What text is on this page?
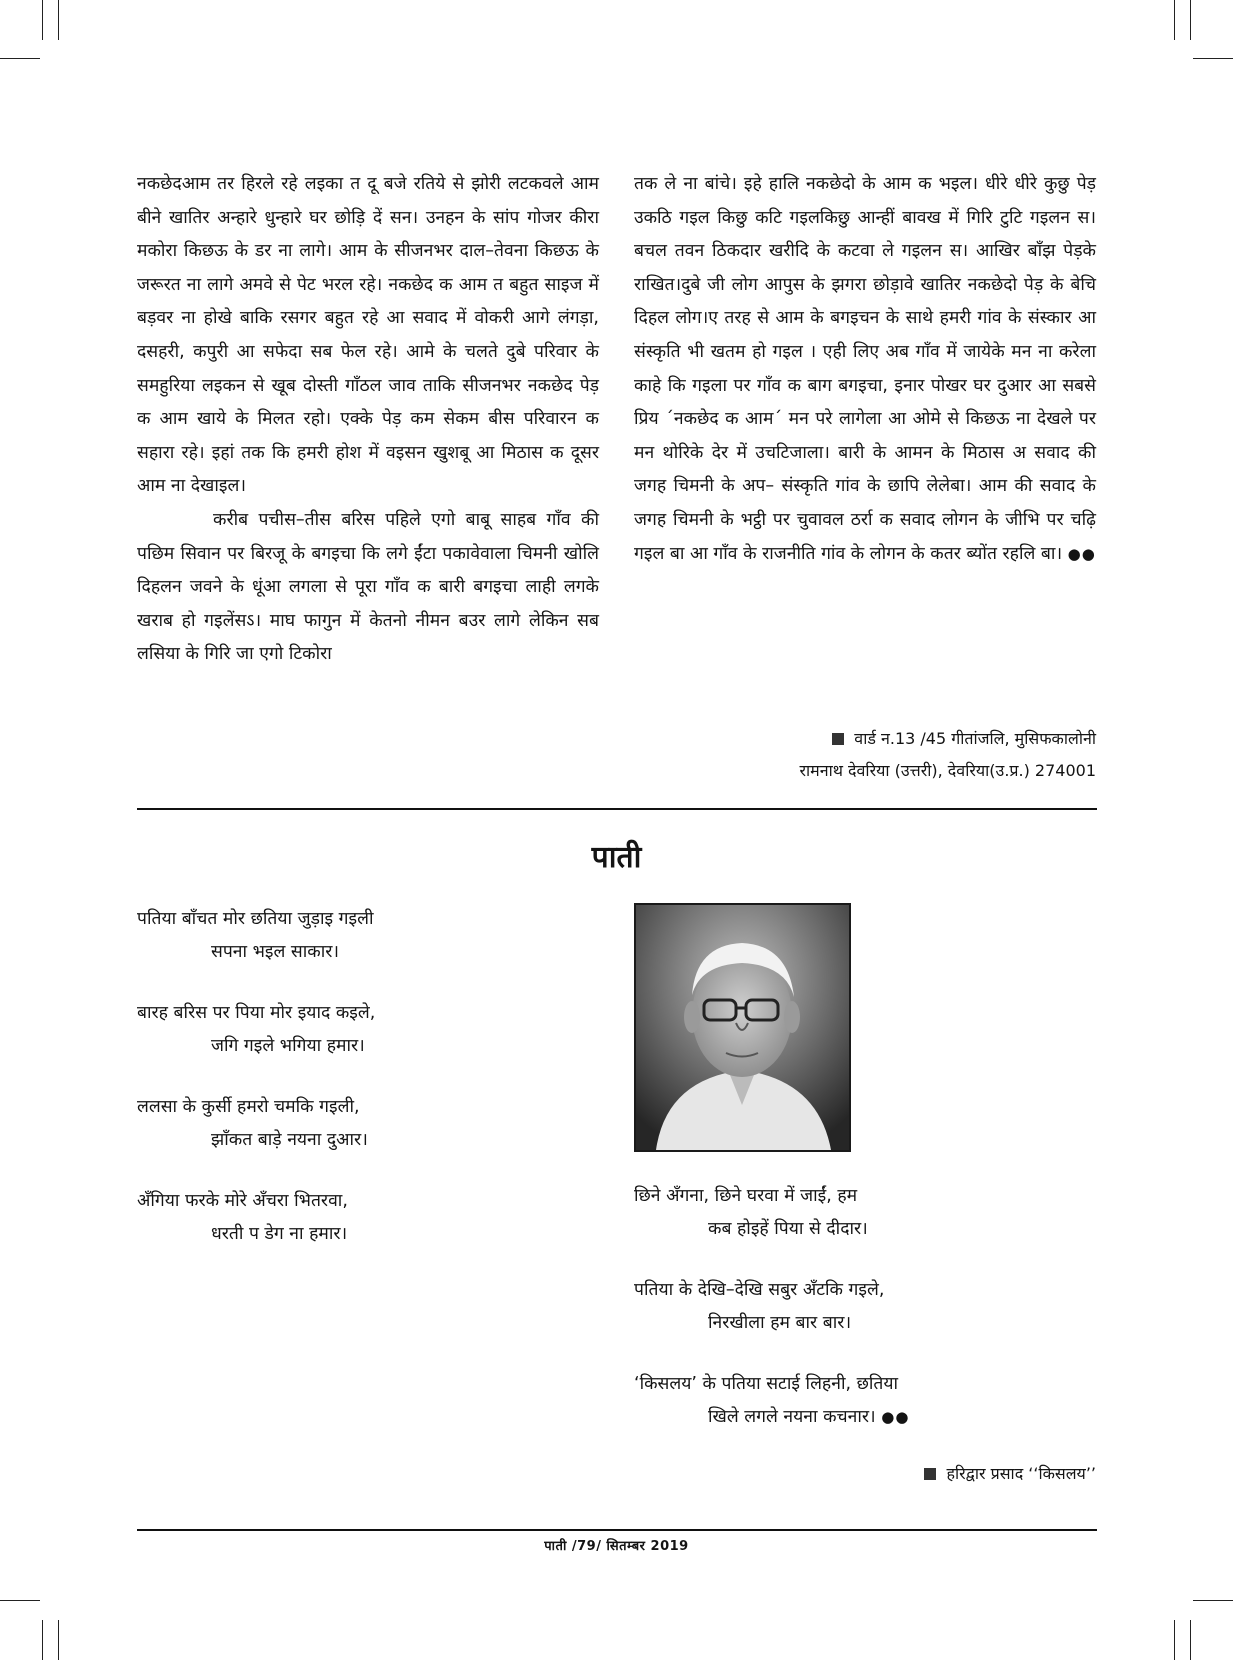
नकछेदआम तर हिरले रहे लइका त दू बजे रतिये से झोरी लटकवले आम बीने खातिर अन्हारे धुन्हारे घर छोड़ि दें सन। उनहन के सांप गोजर कीरा मकोरा किछऊ के डर ना लागे। आम के सीजनभर दाल–तेवना किछऊ के जरूरत ना लागे अमवे से पेट भरल रहे। नकछेद क आम त बहुत साइज में बड़वर ना होखे बाकि रसगर बहुत रहे आ सवाद में वोकरी आगे लंगड़ा, दसहरी, कपुरी आ सफेदा सब फेल रहे। आमे के चलते दुबे परिवार के समहुरिया लइकन से खूब दोस्ती गाँठल जाव ताकि सीजनभर नकछेद पेड़ क आम खाये के मिलत रहो। एक्के पेड़ कम सेकम बीस परिवारन क सहारा रहे। इहां तक कि हमरी होश में वइसन खुशबू आ मिठास क दूसर आम ना देखाइल।

करीब पचीस–तीस बरिस पहिले एगो बाबू साहब गाँव की पछिम सिवान पर बिरजू के बगइचा कि लगे ईंटा पकावेवाला चिमनी खोलि दिहलन जवने के धूंआ लगला से पूरा गाँव क बारी बगइचा लाही लगके खराब हो गइलेंसऽ। माघ फागुन में केतनो नीमन बउर लागे लेकिन सब लसिया के गिरि जा एगो टिकोरा

तक ले ना बांचे। इहे हालि नकछेदो के आम क भइल। धीरे धीरे कुछु पेड़ उकठि गइल किछु कटि गइलकिछु आन्हीं बावख में गिरि टुटि गइलन स। बचल तवन ठिकदार खरीदि के कटवा ले गइलन स। आखिर बाँझ पेड़के राखित।दुबे जी लोग आपुस के झगरा छोड़ावे खातिर नकछेदो पेड़ के बेचि दिहल लोग।ए तरह से आम के बगइचन के साथे हमरी गांव के संस्कार आ संस्कृति भी खतम हो गइल । एही लिए अब गाँव में जायेके मन ना करेला काहे कि गइला पर गाँव क बाग बगइचा, इनार पोखर घर दुआर आ सबसे प्रिय ´नकछेद क आम´ मन परे लागेला आ ओमे से किछऊ ना देखले पर मन थोरिके देर में उचटिजाला। बारी के आमन के मिठास अ सवाद की जगह चिमनी के अप– संस्कृति गांव के छापि लेलेबा। आम की सवाद के जगह चिमनी के भट्ठी पर चुवावल ठर्रा क सवाद लोगन के जीभि पर चढ़ि गइल बा आ गाँव के राजनीति गांव के लोगन के कतर ब्योंत रहलि बा। ●●

वार्ड न.13 /45 गीतांजलि, मुसिफकालोनी
रामनाथ देवरिया (उत्तरी), देवरिया(उ.प्र.) 274001
पाती
पतिया बाँचत मोर छतिया जुड़ाइ गइली
सपना भइल साकार।
बारह बरिस पर पिया मोर इयाद कइले,
जगि गइले भगिया हमार।
ललसा के कुर्सी हमरो चमकि गइली,
झाँकत बाड़े नयना दुआर।
अँगिया फरके मोरे अँचरा भितरवा,
धरती प डेग ना हमार।
छिने अँगना, छिने घरवा में जाईं, हम
कब होइहें पिया से दीदार।
पतिया के देखि–देखि सबुर अँटकि गइले,
निरखीला हम बार बार।
‘किसलय’ के पतिया सटाई लिहनी, छतिया
खिले लगले नयना कचनार। ●●
हरिद्वार प्रसाद ‘‘किसलय’’
पाती /79/ सितम्बर 2019
